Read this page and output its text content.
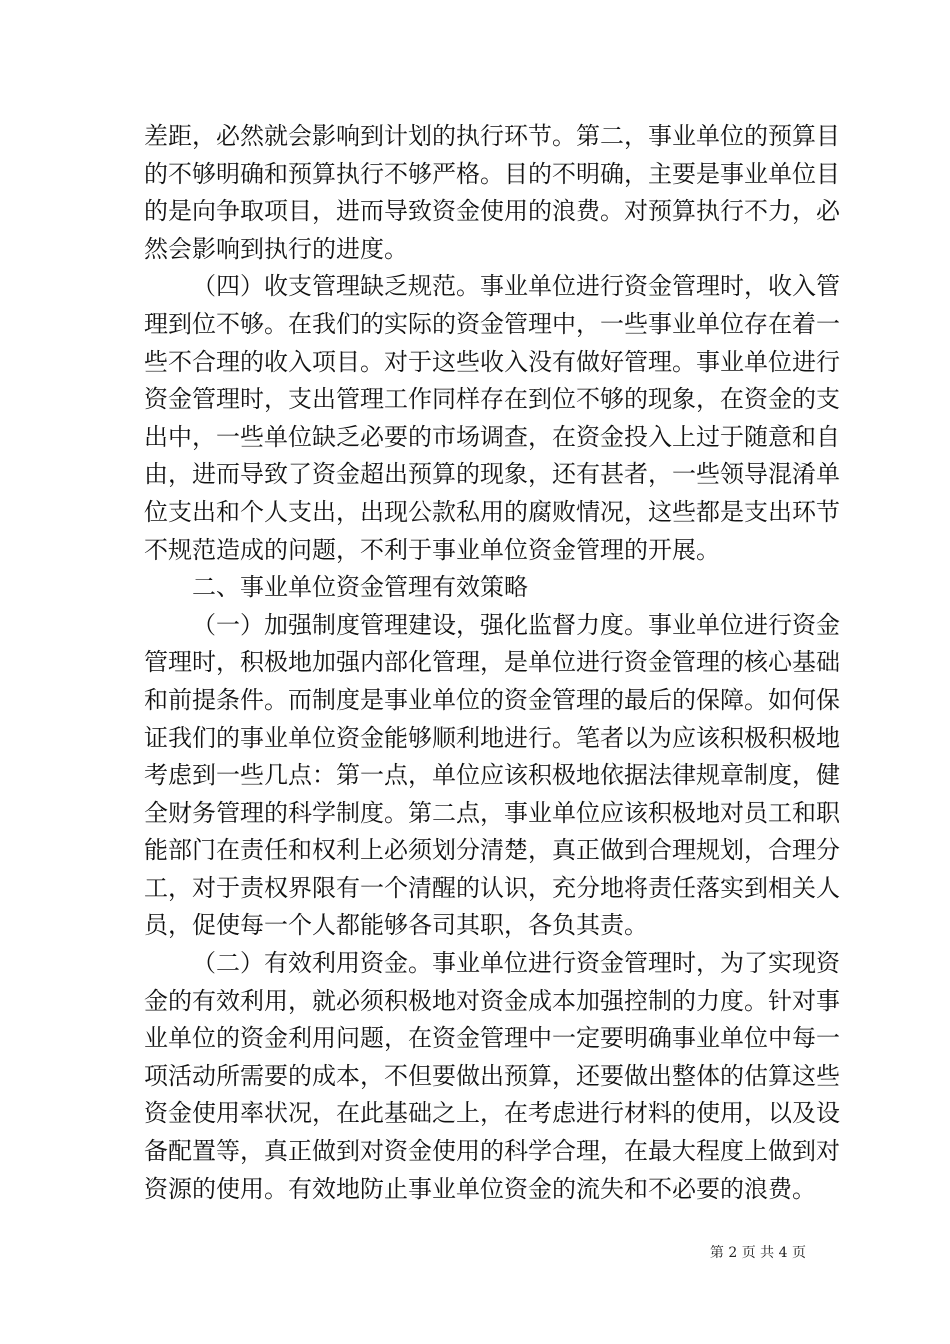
差距，必然就会影响到计划的执行环节。第二，事业单位的预算目
的不够明确和预算执行不够严格。目的不明确，主要是事业单位目
的是向争取项目，进而导致资金使用的浪费。对预算执行不力，必
然会影响到执行的进度。
（四）收支管理缺乏规范。事业单位进行资金管理时，收入管
理到位不够。在我们的实际的资金管理中，一些事业单位存在着一
些不合理的收入项目。对于这些收入没有做好管理。事业单位进行
资金管理时，支出管理工作同样存在到位不够的现象，在资金的支
出中，一些单位缺乏必要的市场调查，在资金投入上过于随意和自
由，进而导致了资金超出预算的现象，还有甚者，一些领导混淆单
位支出和个人支出，出现公款私用的腐败情况，这些都是支出环节
不规范造成的问题，不利于事业单位资金管理的开展。
二、事业单位资金管理有效策略
（一）加强制度管理建设，强化监督力度。事业单位进行资金
管理时，积极地加强内部化管理，是单位进行资金管理的核心基础
和前提条件。而制度是事业单位的资金管理的最后的保障。如何保
证我们的事业单位资金能够顺利地进行。笔者以为应该积极积极地
考虑到一些几点：第一点，单位应该积极地依据法律规章制度，健
全财务管理的科学制度。第二点，事业单位应该积极地对员工和职
能部门在责任和权利上必须划分清楚，真正做到合理规划，合理分
工，对于责权界限有一个清醒的认识，充分地将责任落实到相关人
员，促使每一个人都能够各司其职，各负其责。
（二）有效利用资金。事业单位进行资金管理时，为了实现资
金的有效利用，就必须积极地对资金成本加强控制的力度。针对事
业单位的资金利用问题，在资金管理中一定要明确事业单位中每一
项活动所需要的成本，不但要做出预算，还要做出整体的估算这些
资金使用率状况，在此基础之上，在考虑进行材料的使用，以及设
备配置等，真正做到对资金使用的科学合理，在最大程度上做到对
资源的使用。有效地防止事业单位资金的流失和不必要的浪费。
第 2 页 共 4 页
